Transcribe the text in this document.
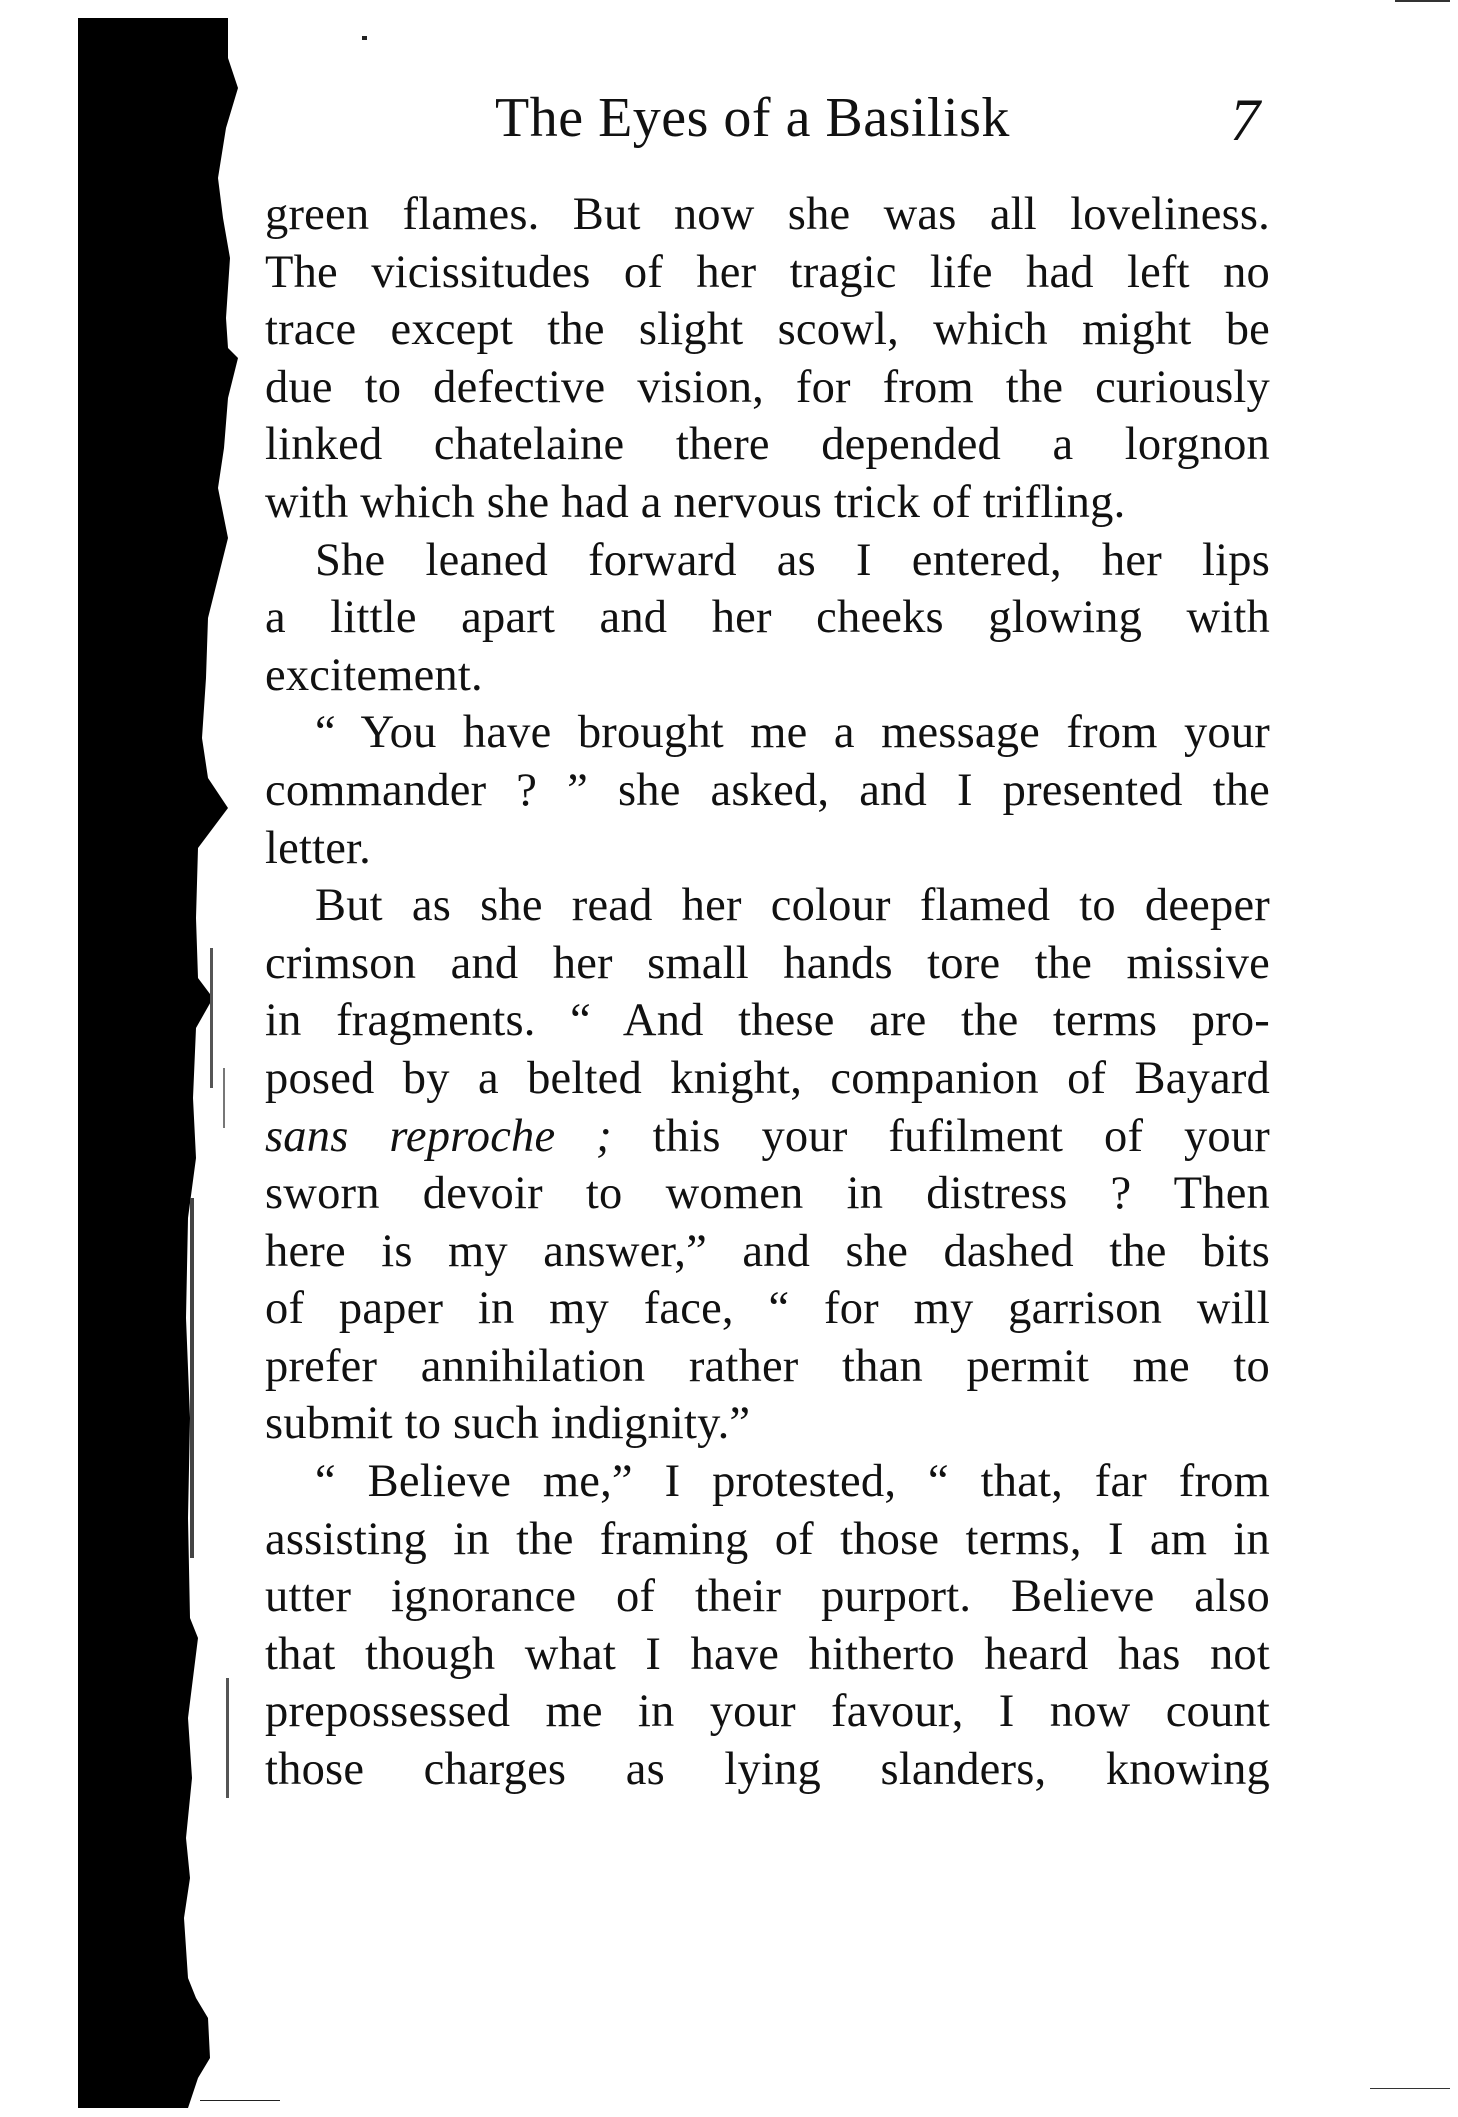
The Eyes of a Basilisk	7
green flames. But now she was all loveliness.
The vicissitudes of her tragic life had left no
trace except the slight scowl, which might be
due to defective vision, for from the curiously
linked chatelaine there depended a lorgnon
with which she had a nervous trick of trifling.
She leaned forward as I entered, her lips
a little apart and her cheeks glowing with
excitement.
“ You have brought me a message from your
commander ? ” she asked, and I presented the
letter.
But as she read her colour flamed to deeper
crimson and her small hands tore the missive
in fragments. “ And these are the terms pro-
posed by a belted knight, companion of Bayard
sans reproche ; this your fufilment of your
sworn devoir to women in distress ? Then
here is my answer,” and she dashed the bits
of paper in my face, “ for my garrison will
prefer annihilation rather than permit me to
submit to such indignity.”
“ Believe me,” I protested, “ that, far from
assisting in the framing of those terms, I am in
utter ignorance of their purport. Believe also
that though what I have hitherto heard has not
prepossessed me in your favour, I now count
those charges as lying slanders, knowing
